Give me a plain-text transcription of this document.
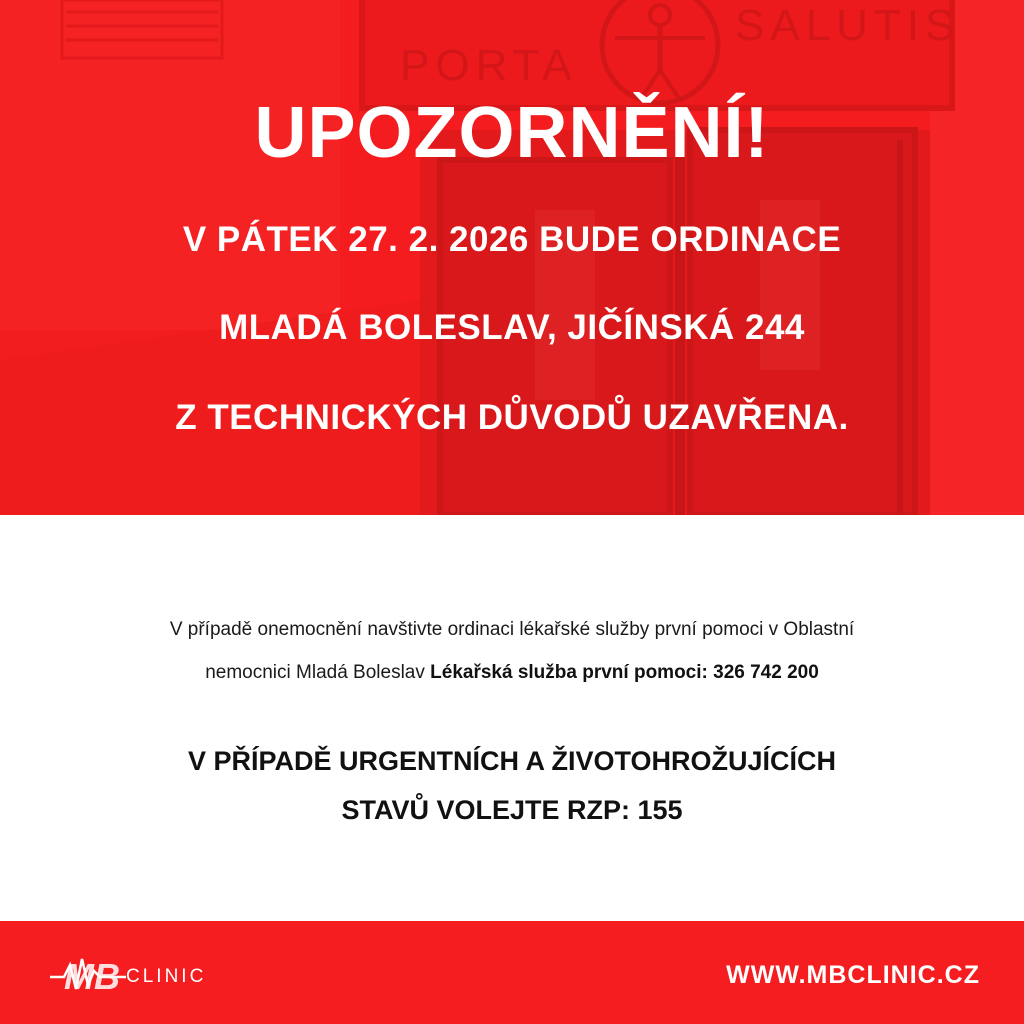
PORTA
SALUTIS
UPOZORNĚNÍ!
V PÁTEK 27. 2. 2026 BUDE ORDINACE
MLADÁ BOLESLAV, JIČÍNSKÁ 244
Z TECHNICKÝCH DŮVODŮ UZAVŘENA.
V případě onemocnění navštivte ordinaci lékařské služby první pomoci v Oblastní
nemocnici Mladá Boleslav Lékařská služba první pomoci: 326 742 200
V PŘÍPADĚ URGENTNÍCH A ŽIVOTOHROŽUJÍCÍCH
STAVŮ VOLEJTE RZP: 155
MB CLINIC	WWW.MBCLINIC.CZ
